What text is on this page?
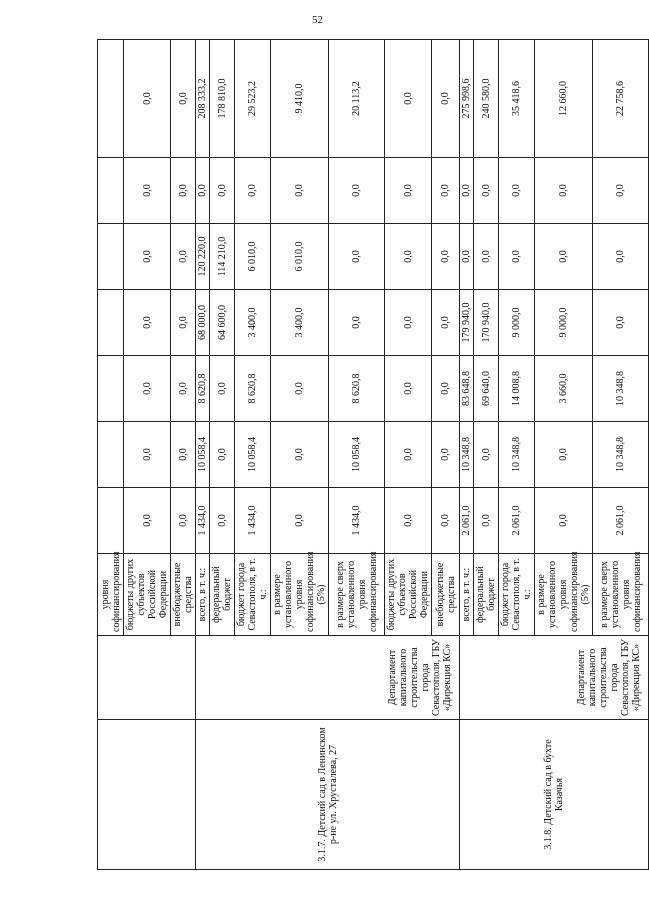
52
		уровня софинансирования							
		бюджеты других субъектов Российской Федерации	0,0	0,0	0,0	0,0	0,0	0,0	0,0
		внебюджетные средства	0,0	0,0	0,0	0,0	0,0	0,0	0,0
3.1.7. Детский сад в Ленинском р-не ул. Хрусталева, 27	Департамент капитального строительства города Севастополя, ГБУ «Дирекция КС»	всего, в т. ч.:	1 434,0	10 058,4	8 620,8	68 000,0	120 220,0	0,0	208 333,2
		федеральный бюджет	0,0	0,0	0,0	64 600,0	114 210,0	0,0	178 810,0
		бюджет города Севастополя, в т. ч.:	1 434,0	10 058,4	8 620,8	3 400,0	6 010,0	0,0	29 523,2
		в размере установленного уровня софинансирования (5%)	0,0	0,0	0,0	3 400,0	6 010,0	0,0	9 410,0
		в размере сверх установленного уровня софинансирования	1 434,0	10 058,4	8 620,8	0,0	0,0	0,0	20 113,2
		бюджеты других субъектов Российской Федерации	0,0	0,0	0,0	0,0	0,0	0,0	0,0
		внебюджетные средства	0,0	0,0	0,0	0,0	0,0	0,0	0,0
3.1.8. Детский сад в бухте Казачья	Департамент капитального строительства города Севастополя, ГБУ «Дирекция КС»	всего, в т. ч.:	2 061,0	10 348,8	83 648,8	179 940,0	0,0	0,0	275 998,6
		федеральный бюджет	0,0	0,0	69 640,0	170 940,0	0,0	0,0	240 580,0
		бюджет города Севастополя, в т. ч.:	2 061,0	10 348,8	14 008,8	9 000,0	0,0	0,0	35 418,6
		в размере установленного уровня софинансирования (5%)	0,0	0,0	3 660,0	9 000,0	0,0	0,0	12 660,0
		в размере сверх установленного уровня софинансирования	2 061,0	10 348,8	10 348,8	0,0	0,0	0,0	22 758,6
